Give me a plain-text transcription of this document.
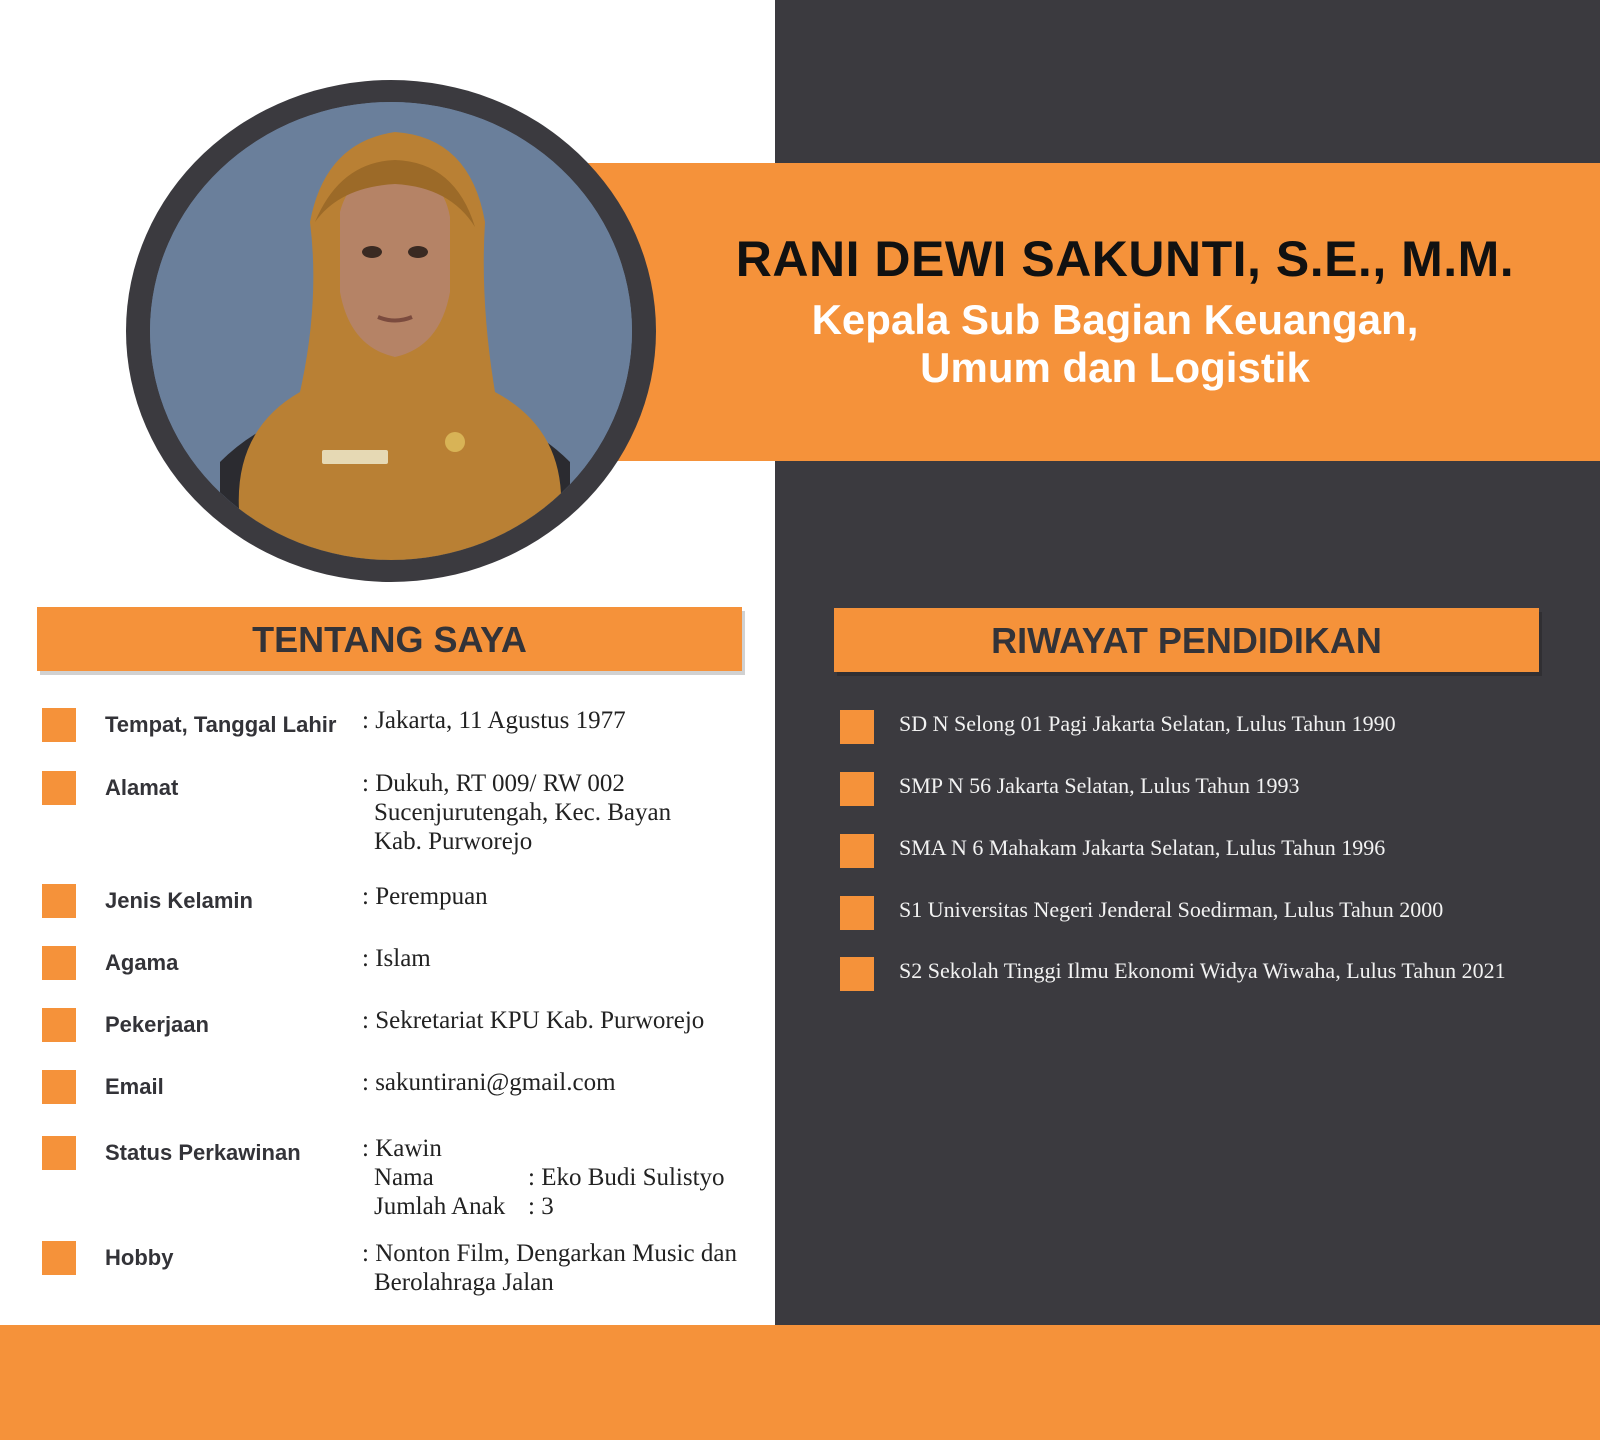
RANI DEWI SAKUNTI, S.E., M.M.
Kepala Sub Bagian Keuangan,
Umum dan Logistik
TENTANG SAYA	RIWAYAT PENDIDIKAN
Tempat, Tanggal Lahir : Jakarta, 11 Agustus 1977
Alamat	: Dukuh, RT 009/ RW 002
Sucenjurutengah, Kec. Bayan
Kab. Purworejo
Jenis Kelamin	: Perempuan
Agama	: Islam
Pekerjaan	: Sekretariat KPU Kab. Purworejo
Email	: sakuntirani@gmail.com
Status Perkawinan : Kawin
Nama	: Eko Budi Sulistyo
Jumlah Anak : 3
Hobby	: Nonton Film, Dengarkan Music dan
Berolahraga Jalan
SD N Selong 01 Pagi Jakarta Selatan, Lulus Tahun 1990
SMP N 56 Jakarta Selatan, Lulus Tahun 1993
SMA N 6 Mahakam Jakarta Selatan, Lulus Tahun 1996
S1 Universitas Negeri Jenderal Soedirman, Lulus Tahun 2000
S2 Sekolah Tinggi Ilmu Ekonomi Widya Wiwaha, Lulus Tahun 2021
